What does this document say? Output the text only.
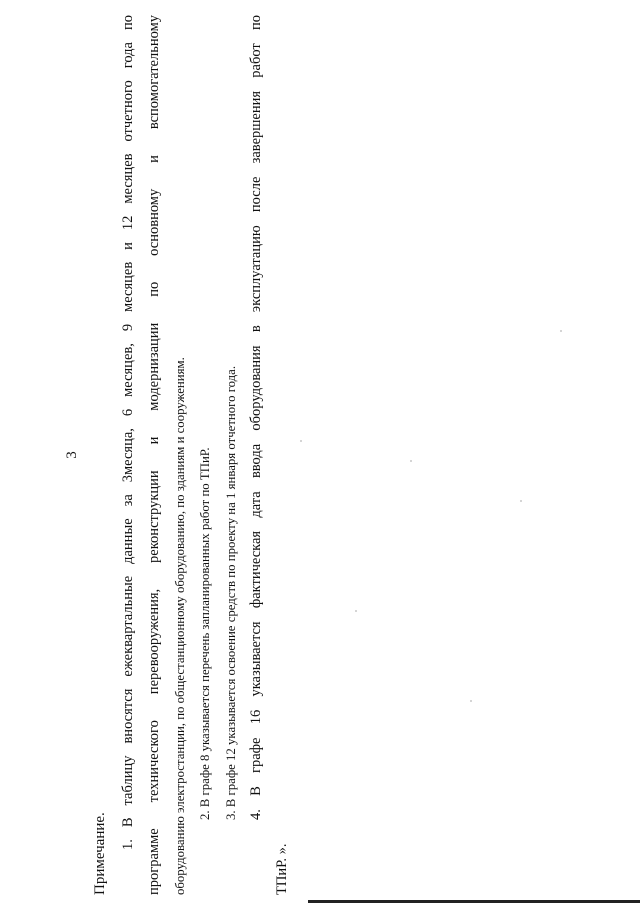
3
Примечание.
1. В таблицу вносятся ежеквартальные данные за 3месяца, 6 месяцев, 9 месяцев и 12 месяцев отчетного года по программе технического перевооружения, реконструкции и модернизации по основному и вспомогательному оборудованию электростанции, по общестанционному оборудованию, по зданиям и сооружениям. 2. В графе 8 указывается перечень запланированных работ по ТПиР. 3. В графе 12 указывается освоение средств по проекту на 1 января отчетного года. 4. В графе 16 указывается фактическая дата ввода оборудования в эксплуатацию после завершения работ по
ТПиР. ».
